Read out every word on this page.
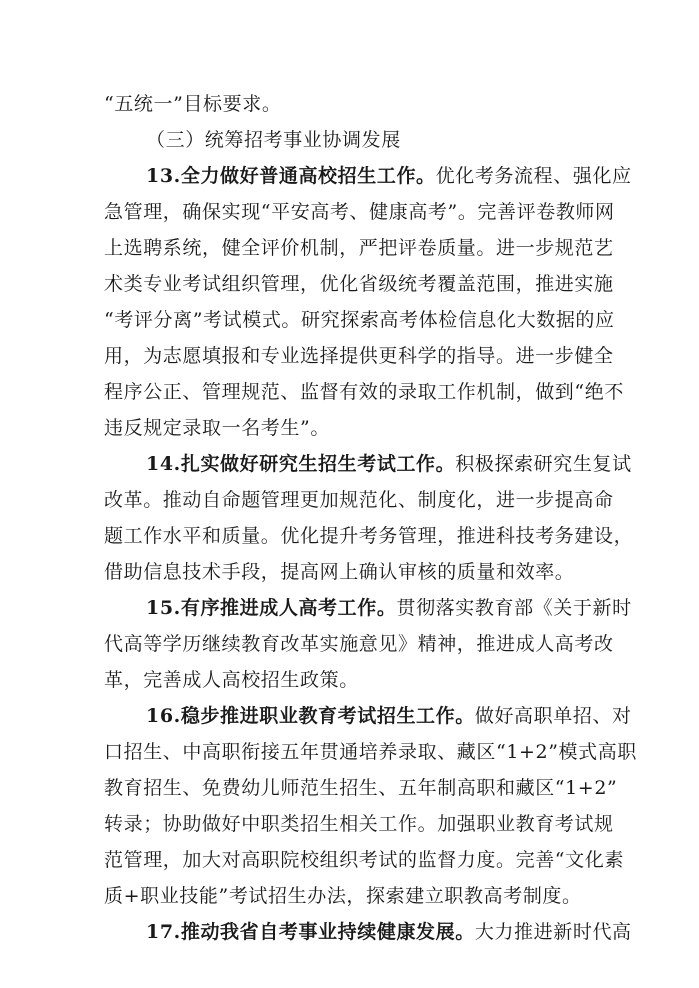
“五统一”目标要求。
（三）统筹招考事业协调发展
13.全力做好普通高校招生工作。优化考务流程、强化应
急管理，确保实现“平安高考、健康高考”。完善评卷教师网
上选聘系统，健全评价机制，严把评卷质量。进一步规范艺
术类专业考试组织管理，优化省级统考覆盖范围，推进实施
“考评分离”考试模式。研究探索高考体检信息化大数据的应
用，为志愿填报和专业选择提供更科学的指导。进一步健全
程序公正、管理规范、监督有效的录取工作机制，做到“绝不
违反规定录取一名考生”。
14.扎实做好研究生招生考试工作。积极探索研究生复试
改革。推动自命题管理更加规范化、制度化，进一步提高命
题工作水平和质量。优化提升考务管理，推进科技考务建设，
借助信息技术手段，提高网上确认审核的质量和效率。
15.有序推进成人高考工作。贯彻落实教育部《关于新时
代高等学历继续教育改革实施意见》精神，推进成人高考改
革，完善成人高校招生政策。
16.稳步推进职业教育考试招生工作。做好高职单招、对
口招生、中高职衔接五年贯通培养录取、藏区“1+2”模式高职
教育招生、免费幼儿师范生招生、五年制高职和藏区“1+2”
转录；协助做好中职类招生相关工作。加强职业教育考试规
范管理，加大对高职院校组织考试的监督力度。完善“文化素
质+职业技能”考试招生办法，探索建立职教高考制度。
17.推动我省自考事业持续健康发展。大力推进新时代高
